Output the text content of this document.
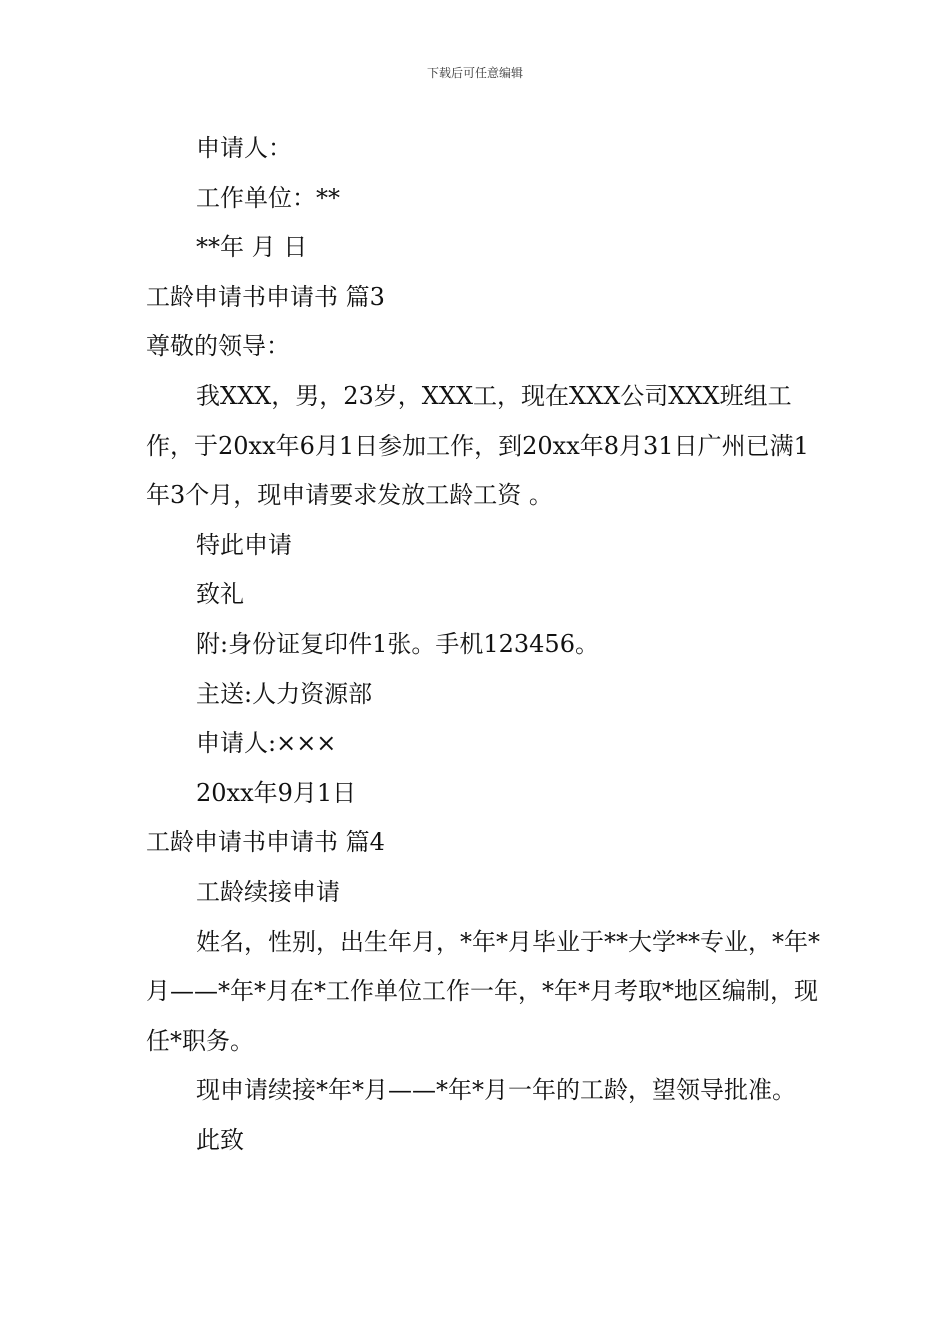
下载后可任意编辑
申请人：
工作单位：**
**年 月 日
工龄申请书申请书 篇3
尊敬的领导：
我XXX，男，23岁，XXX工，现在XXX公司XXX班组工作，于20xx年6月1日参加工作，到20xx年8月31日广州已满1年3个月，现申请要求发放工龄工资 。
特此申请
致礼
附:身份证复印件1张。手机123456。
主送:人力资源部
申请人:×××
20xx年9月1日
工龄申请书申请书 篇4
工龄续接申请
姓名，性别，出生年月，*年*月毕业于**大学**专业，*年*月——*年*月在*工作单位工作一年，*年*月考取*地区编制，现任*职务。
现申请续接*年*月——*年*月一年的工龄，望领导批准。
此致
